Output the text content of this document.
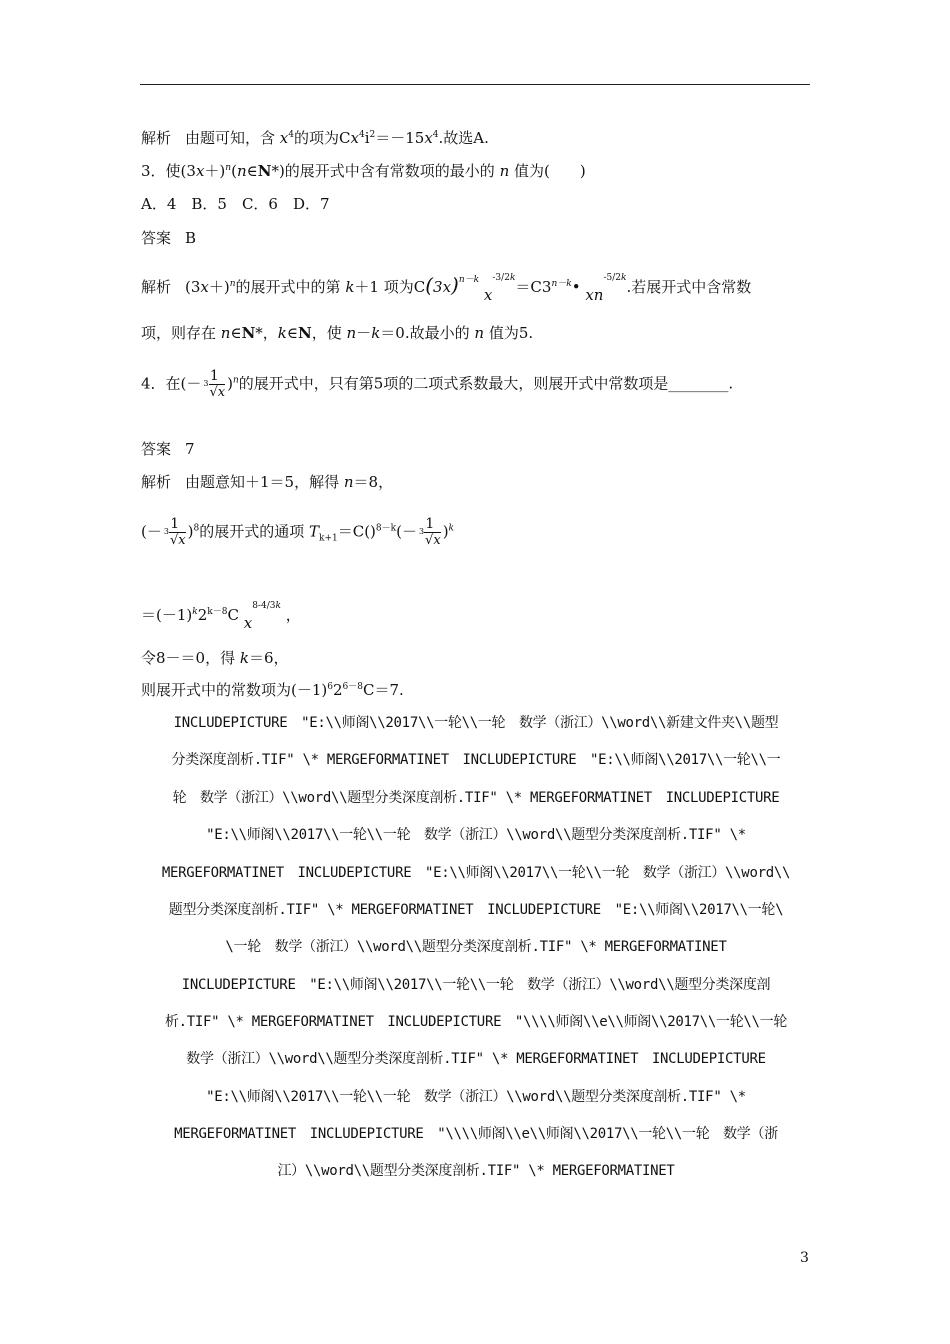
解析 由题可知，含 $x^4$的项为$Cx^4i^2=-15x^4$.故选A.
3．使$(3x+)^n(n\in N*)$的展开式中含有常数项的最小的 n 值为(　　)
A．4　B．5　C．6　D．7
答案 B
解析 $(3x+)^n$的展开式中的第 k＋1 项为$C(3x)^{n-k}$ $x^{-3/2k}=C3^{n-k}•$ $xn^{-5/2k}$.若展开式中含常数
项，则存在 n∈N*，k∈N，使 n－k＝0.故最小的 n 值为5.
4．在(－ 1
$^3$√x )$^n$的展开式中，只有第5项的二项式系数最大，则展开式中常数项是________.
答案 7
解析 由题意知＋1＝5，解得 n＝8，
(－ 1
$^3$√x )$^8$的展开式的通项 $T_{k+1}=C()^{8-k}(- 1$
$^3$√x )$^k$
$=(-1)^k2^{k-8}C$ $x^{8-4/3k}$ ，
令8－＝0，得 k＝6，
则展开式中的常数项为$(-1)^62^{6-8}C=7$.
INCLUDEPICTURE　"E:\\师阁\\2017\\一轮\\一轮　数学（浙江）\\word\\新建文件夹\\题型
分类深度剖析.TIF" \* MERGEFORMATINET　INCLUDEPICTURE　"E:\\师阁\\2017\\一轮\\一
轮　数学（浙江）\\word\\题型分类深度剖析.TIF" \* MERGEFORMATINET　INCLUDEPICTURE
"E:\\师阁\\2017\\一轮\\一轮　数学（浙江）\\word\\题型分类深度剖析.TIF" \*
MERGEFORMATINET　INCLUDEPICTURE　"E:\\师阁\\2017\\一轮\\一轮　数学（浙江）\\word\\
题型分类深度剖析.TIF" \* MERGEFORMATINET　INCLUDEPICTURE　"E:\\师阁\\2017\\一轮\
\一轮　数学（浙江）\\word\\题型分类深度剖析.TIF" \* MERGEFORMATINET
INCLUDEPICTURE　"E:\\师阁\\2017\\一轮\\一轮　数学（浙江）\\word\\题型分类深度剖
析.TIF" \* MERGEFORMATINET　INCLUDEPICTURE　"\\\\师阁\\e\\师阁\\2017\\一轮\\一轮
数学（浙江）\\word\\题型分类深度剖析.TIF" \* MERGEFORMATINET　INCLUDEPICTURE
"E:\\师阁\\2017\\一轮\\一轮　数学（浙江）\\word\\题型分类深度剖析.TIF" \*
MERGEFORMATINET　INCLUDEPICTURE　"\\\\师阁\\e\\师阁\\2017\\一轮\\一轮　数学（浙
江）\\word\\题型分类深度剖析.TIF" \* MERGEFORMATINET
3
